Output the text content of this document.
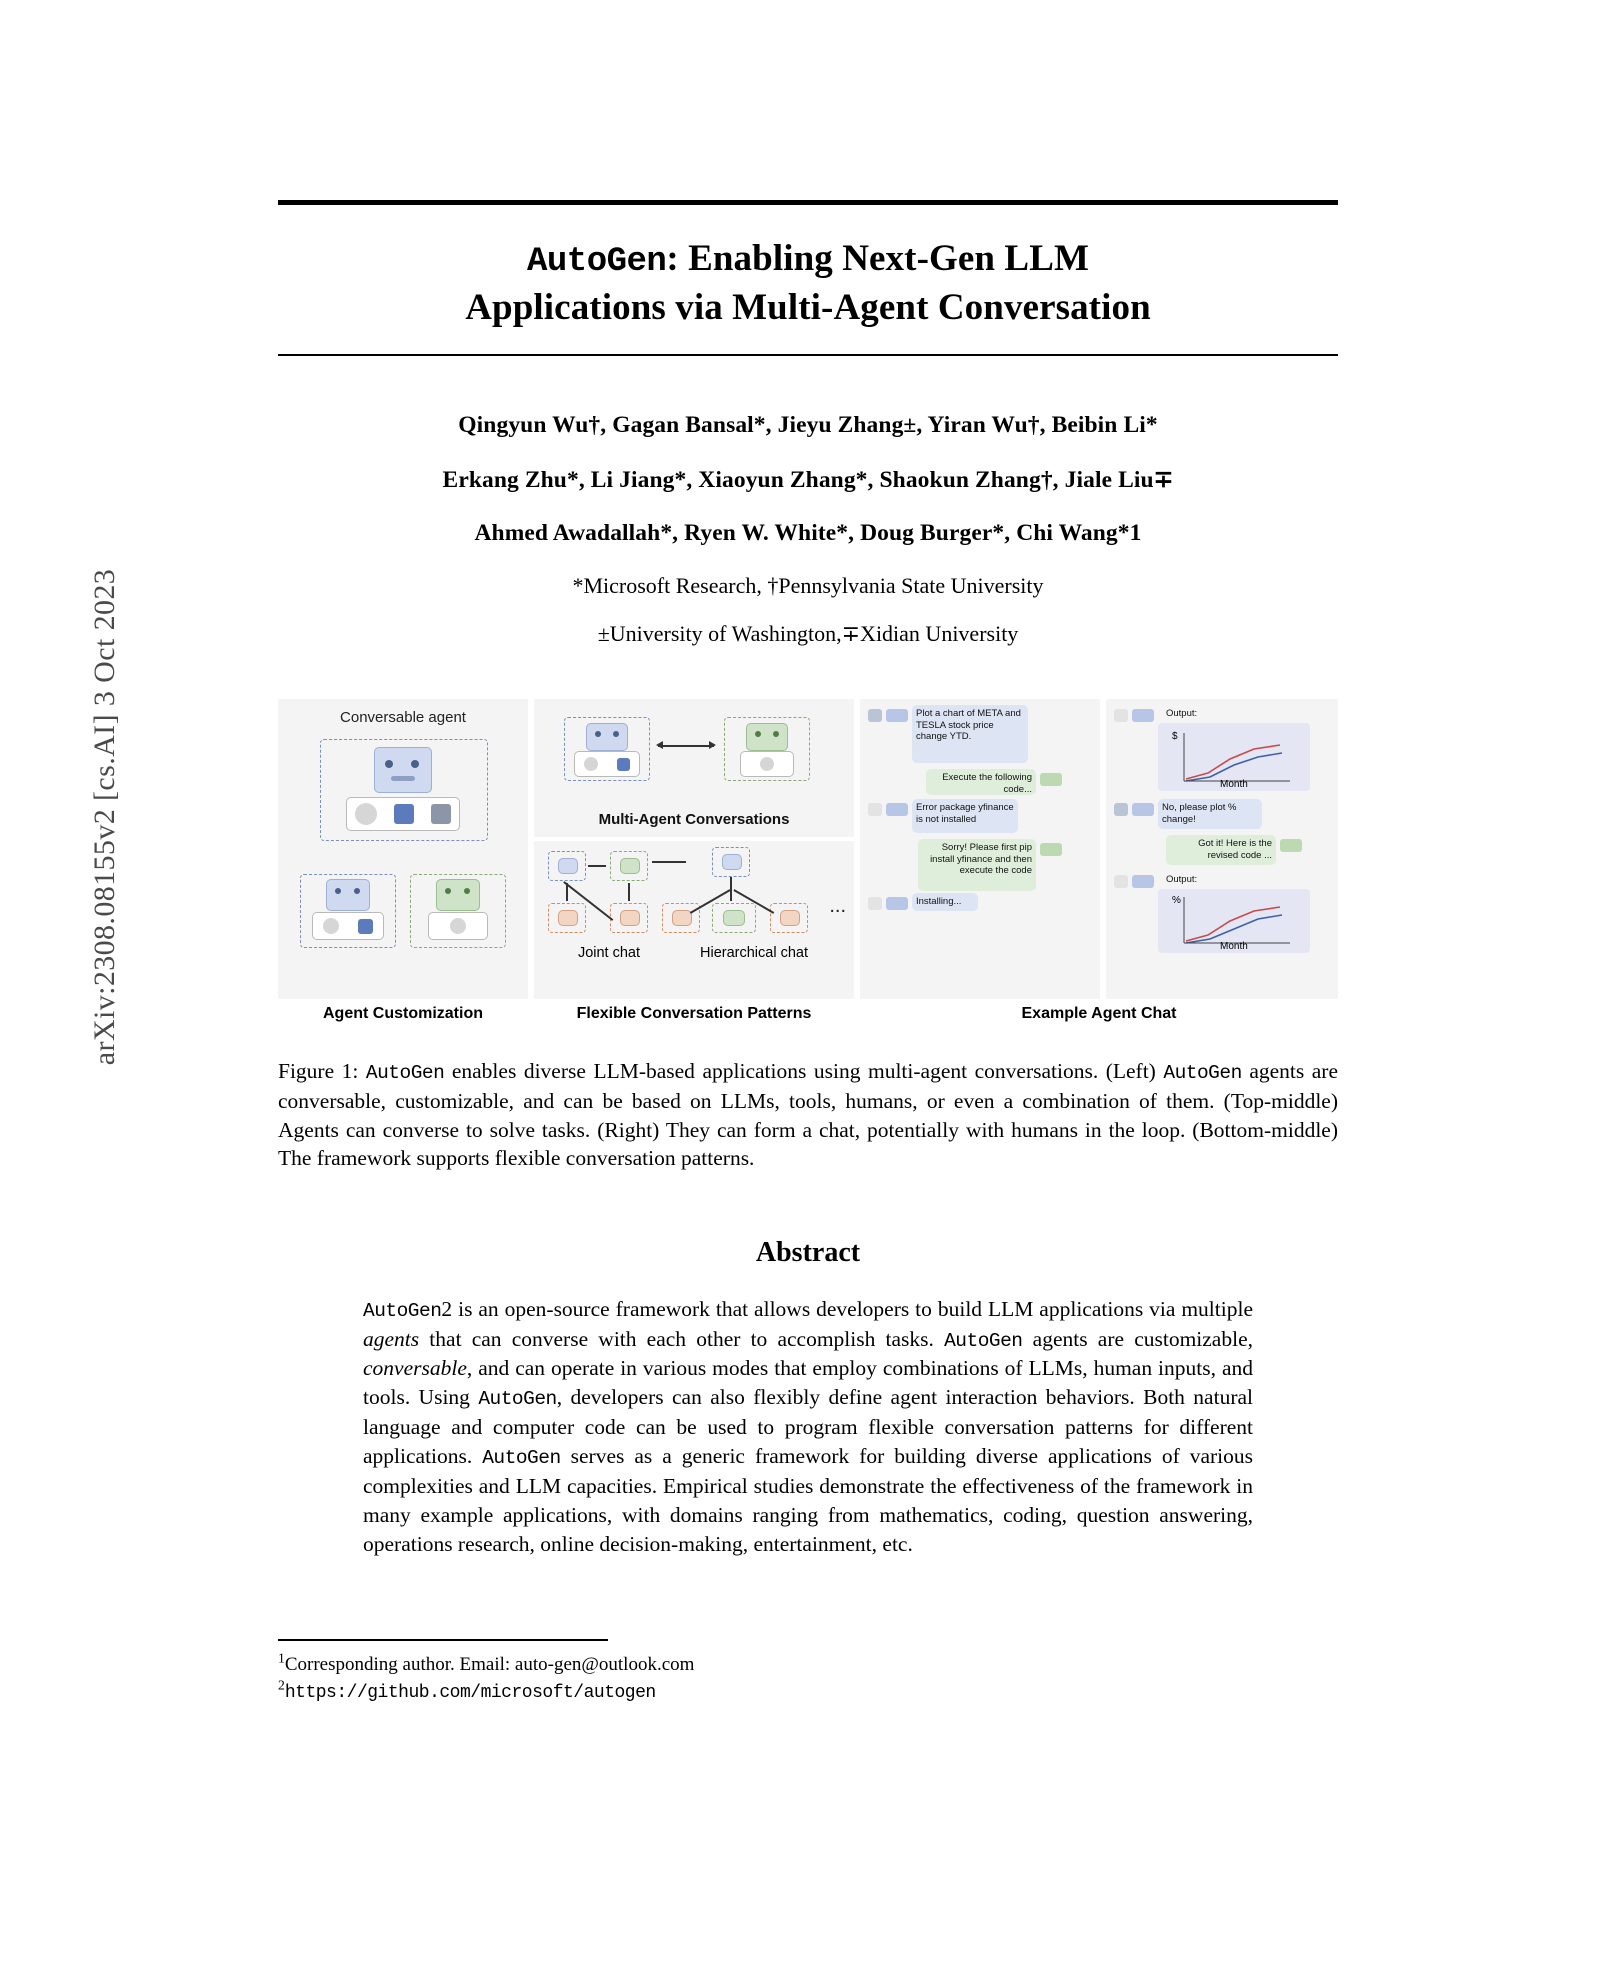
arXiv:2308.08155v2 [cs.AI] 3 Oct 2023
AutoGen: Enabling Next-Gen LLM
Applications via Multi-Agent Conversation
Qingyun Wu†, Gagan Bansal*, Jieyu Zhang±, Yiran Wu†, Beibin Li*
Erkang Zhu*, Li Jiang*, Xiaoyun Zhang*, Shaokun Zhang†, Jiale Liu∓
Ahmed Awadallah*, Ryen W. White*, Doug Burger*, Chi Wang*1
*Microsoft Research, †Pennsylvania State University
±University of Washington,∓Xidian University
Conversable agent
Multi-Agent Conversations
...
Joint chat	Hierarchical chat
Plot a chart of META and TESLA stock price change YTD.
Execute the following code...
Error package yfinance is not installed
Sorry! Please first pip install yfinance and then execute the code
Installing...
Output:
$
Month
No, please plot % change!
Got it! Here is the revised code ...
Output:
%
Month
Agent Customization	Flexible Conversation Patterns	Example Agent Chat
Figure 1: AutoGen enables diverse LLM-based applications using multi-agent conversations. (Left) AutoGen agents are conversable, customizable, and can be based on LLMs, tools, humans, or even a combination of them. (Top-middle) Agents can converse to solve tasks. (Right) They can form a chat, potentially with humans in the loop. (Bottom-middle) The framework supports flexible conversation patterns.
Abstract
AutoGen2 is an open-source framework that allows developers to build LLM applications via multiple agents that can converse with each other to accomplish tasks. AutoGen agents are customizable, conversable, and can operate in various modes that employ combinations of LLMs, human inputs, and tools. Using AutoGen, developers can also flexibly define agent interaction behaviors. Both natural language and computer code can be used to program flexible conversation patterns for different applications. AutoGen serves as a generic framework for building diverse applications of various complexities and LLM capacities. Empirical studies demonstrate the effectiveness of the framework in many example applications, with domains ranging from mathematics, coding, question answering, operations research, online decision-making, entertainment, etc.
$^1$Corresponding author. Email: auto-gen@outlook.com
$^2$https://github.com/microsoft/autogen
